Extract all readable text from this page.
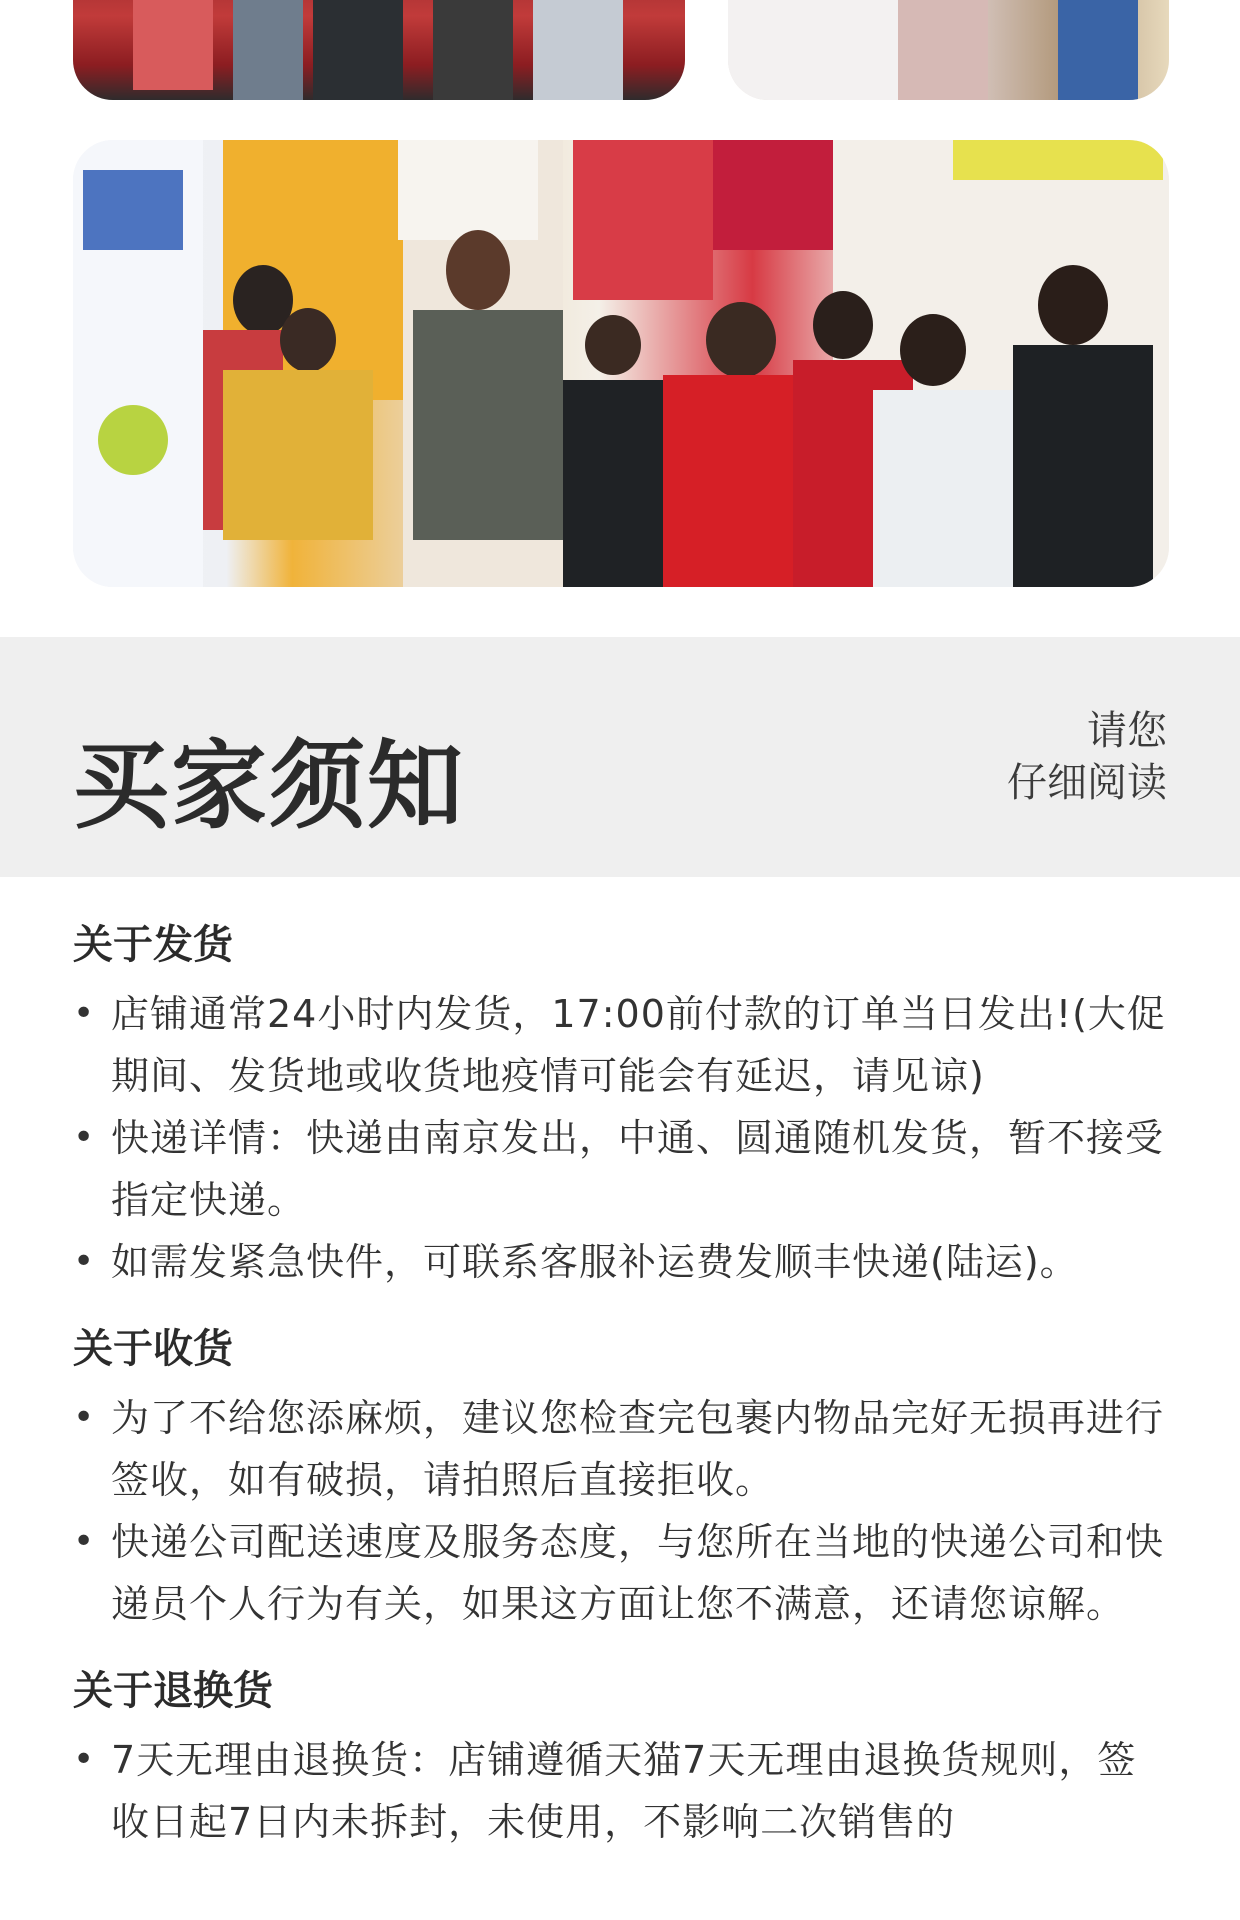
买家须知	请您
仔细阅读
关于发货
• 店铺通常24小时内发货，17:00前付款的订单当日发出!(大促期间、发货地或收货地疫情可能会有延迟，请见谅)
• 快递详情：快递由南京发出，中通、圆通随机发货，暂不接受指定快递。
• 如需发紧急快件，可联系客服补运费发顺丰快递(陆运)。
关于收货
• 为了不给您添麻烦，建议您检查完包裹内物品完好无损再进行签收，如有破损，请拍照后直接拒收。
• 快递公司配送速度及服务态度，与您所在当地的快递公司和快递员个人行为有关，如果这方面让您不满意，还请您谅解。
关于退换货
• 7天无理由退换货：店铺遵循天猫7天无理由退换货规则，签收日起7日内未拆封，未使用，不影响二次销售的
